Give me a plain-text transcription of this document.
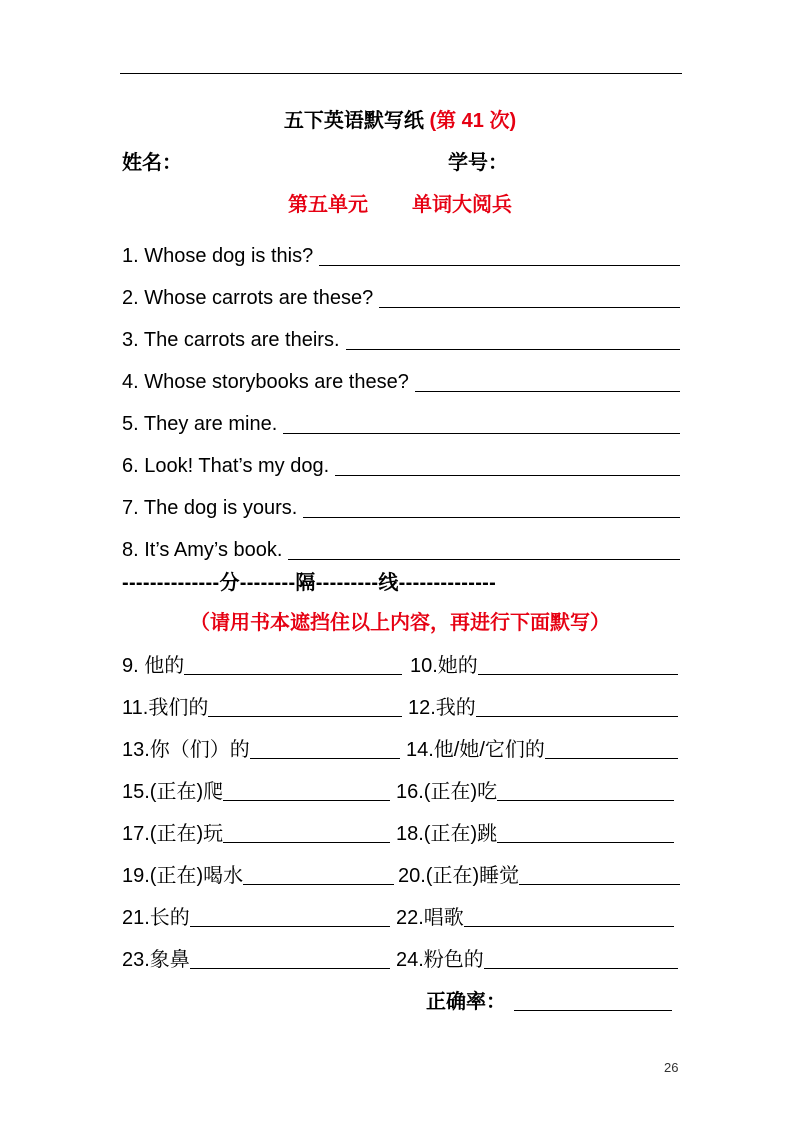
五下英语默写纸 (第 41 次)
姓名：	学号：
第五单元 单词大阅兵
1. Whose dog is this?
2. Whose carrots are these?
3. The carrots are theirs.
4. Whose storybooks are these?
5. They are mine.
6. Look! That’s my dog.
7. The dog is yours.
8. It’s Amy’s book.
--------------分--------隔---------线--------------
（请用书本遮挡住以上内容，再进行下面默写）
9. 他的	10.她的
11.我们的	12.我的
13.你（们）的	14.他/她/它们的
15.(正在)爬	16.(正在)吃
17.(正在)玩	18.(正在)跳
19.(正在)喝水	20.(正在)睡觉
21.长的	22.唱歌
23.象鼻	24.粉色的
正确率：
26
